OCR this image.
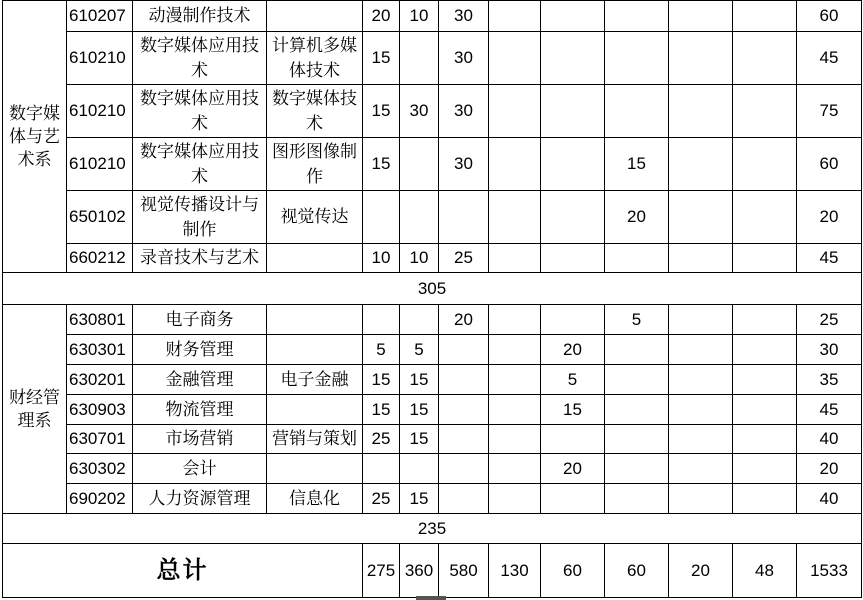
数字媒体与艺术系	610207	动漫制作技术		20	10	30						60
	610210	数字媒体应用技术	计算机多媒体技术	15		30						45
	610210	数字媒体应用技术	数字媒体技术	15	30	30						75
	610210	数字媒体应用技术	图形图像制作	15		30			15			60
	650102	视觉传播设计与制作	视觉传达						20			20
	660212	录音技术与艺术		10	10	25						45
305												
财经管理系	630801	电子商务				20			5			25
	630301	财务管理		5	5			20				30
	630201	金融管理	电子金融	15	15			5				35
	630903	物流管理		15	15			15				45
	630701	市场营销	营销与策划	25	15							40
	630302	会计						20				20
	690202	人力资源管理	信息化	25	15							40
235												
总计				275	360	580	130	60	60	20	48	1533
